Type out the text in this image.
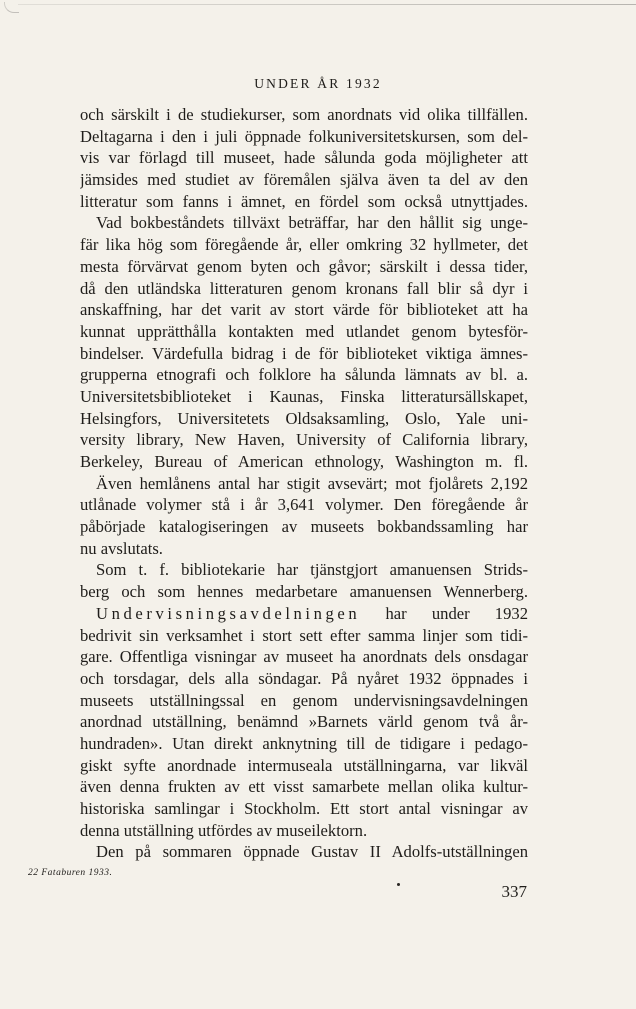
UNDER ÅR 1932
och särskilt i de studiekurser, som anordnats vid olika tillfällen.
Deltagarna i den i juli öppnade folkuniversitetskursen, som del-
vis var förlagd till museet, hade sålunda goda möjligheter att
jämsides med studiet av föremålen själva även ta del av den
litteratur som fanns i ämnet, en fördel som också utnyttjades.
Vad bokbeståndets tillväxt beträffar, har den hållit sig unge-
fär lika hög som föregående år, eller omkring 32 hyllmeter, det
mesta förvärvat genom byten och gåvor; särskilt i dessa tider,
då den utländska litteraturen genom kronans fall blir så dyr i
anskaffning, har det varit av stort värde för biblioteket att ha
kunnat upprätthålla kontakten med utlandet genom bytesför-
bindelser. Värdefulla bidrag i de för biblioteket viktiga ämnes-
grupperna etnografi och folklore ha sålunda lämnats av bl. a.
Universitetsbiblioteket i Kaunas, Finska litteratursällskapet,
Helsingfors, Universitetets Oldsaksamling, Oslo, Yale uni-
versity library, New Haven, University of California library,
Berkeley, Bureau of American ethnology, Washington m. fl.
Även hemlånens antal har stigit avsevärt; mot fjolårets 2,192
utlånade volymer stå i år 3,641 volymer. Den föregående år
påbörjade katalogiseringen av museets bokbandssamling har
nu avslutats.
Som t. f. bibliotekarie har tjänstgjort amanuensen Strids-
berg och som hennes medarbetare amanuensen Wennerberg.
Undervisningsavdelningen har under 1932
bedrivit sin verksamhet i stort sett efter samma linjer som tidi-
gare. Offentliga visningar av museet ha anordnats dels onsdagar
och torsdagar, dels alla söndagar. På nyåret 1932 öppnades i
museets utställningssal en genom undervisningsavdelningen
anordnad utställning, benämnd »Barnets värld genom två år-
hundraden». Utan direkt anknytning till de tidigare i pedago-
giskt syfte anordnade intermuseala utställningarna, var likväl
även denna frukten av ett visst samarbete mellan olika kultur-
historiska samlingar i Stockholm. Ett stort antal visningar av
denna utställning utfördes av museilektorn.
Den på sommaren öppnade Gustav II Adolfs-utställningen
22 Fataburen 1933.
337
